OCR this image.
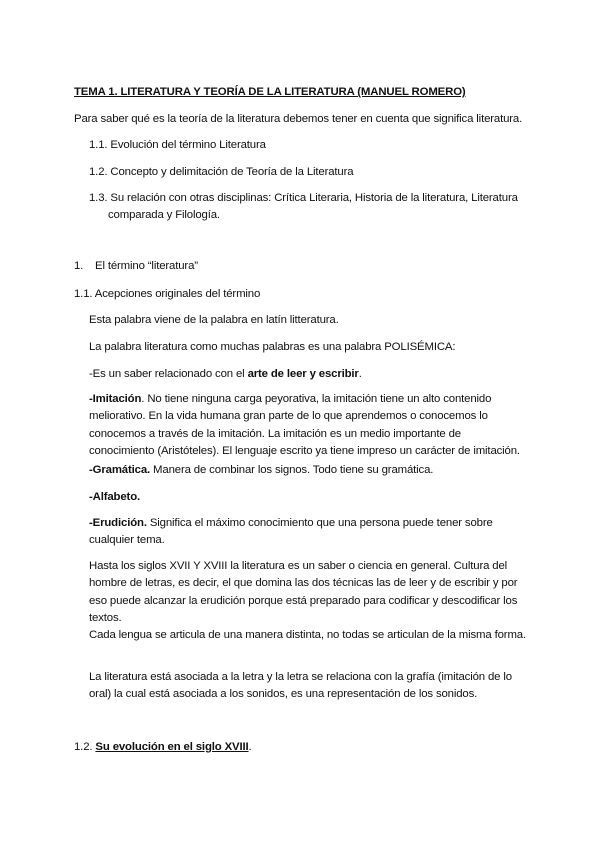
TEMA 1. LITERATURA Y TEORÍA DE LA LITERATURA (MANUEL ROMERO)

Para saber qué es la teoría de la literatura debemos tener en cuenta que significa literatura.

1.1. Evolución del término Literatura

1.2. Concepto y delimitación de Teoría de la Literatura

1.3. Su relación con otras disciplinas: Crítica Literaria, Historia de la literatura, Literatura comparada y Filología.

1. El término “literatura”

1.1. Acepciones originales del término

Esta palabra viene de la palabra en latín litteratura.

La palabra literatura como muchas palabras es una palabra POLISÉMICA:

-Es un saber relacionado con el arte de leer y escribir.

-Imitación. No tiene ninguna carga peyorativa, la imitación tiene un alto contenido meliorativo. En la vida humana gran parte de lo que aprendemos o conocemos lo conocemos a través de la imitación. La imitación es un medio importante de conocimiento (Aristóteles). El lenguaje escrito ya tiene impreso un carácter de imitación.

-Gramática. Manera de combinar los signos. Todo tiene su gramática.

-Alfabeto.

-Erudición. Significa el máximo conocimiento que una persona puede tener sobre cualquier tema.

Hasta los siglos XVII Y XVIII la literatura es un saber o ciencia en general. Cultura del hombre de letras, es decir, el que domina las dos técnicas las de leer y de escribir y por eso puede alcanzar la erudición porque está preparado para codificar y descodificar los textos.

Cada lengua se articula de una manera distinta, no todas se articulan de la misma forma.

La literatura está asociada a la letra y la letra se relaciona con la grafía (imitación de lo oral) la cual está asociada a los sonidos, es una representación de los sonidos.

1.2. Su evolución en el siglo XVIII.
